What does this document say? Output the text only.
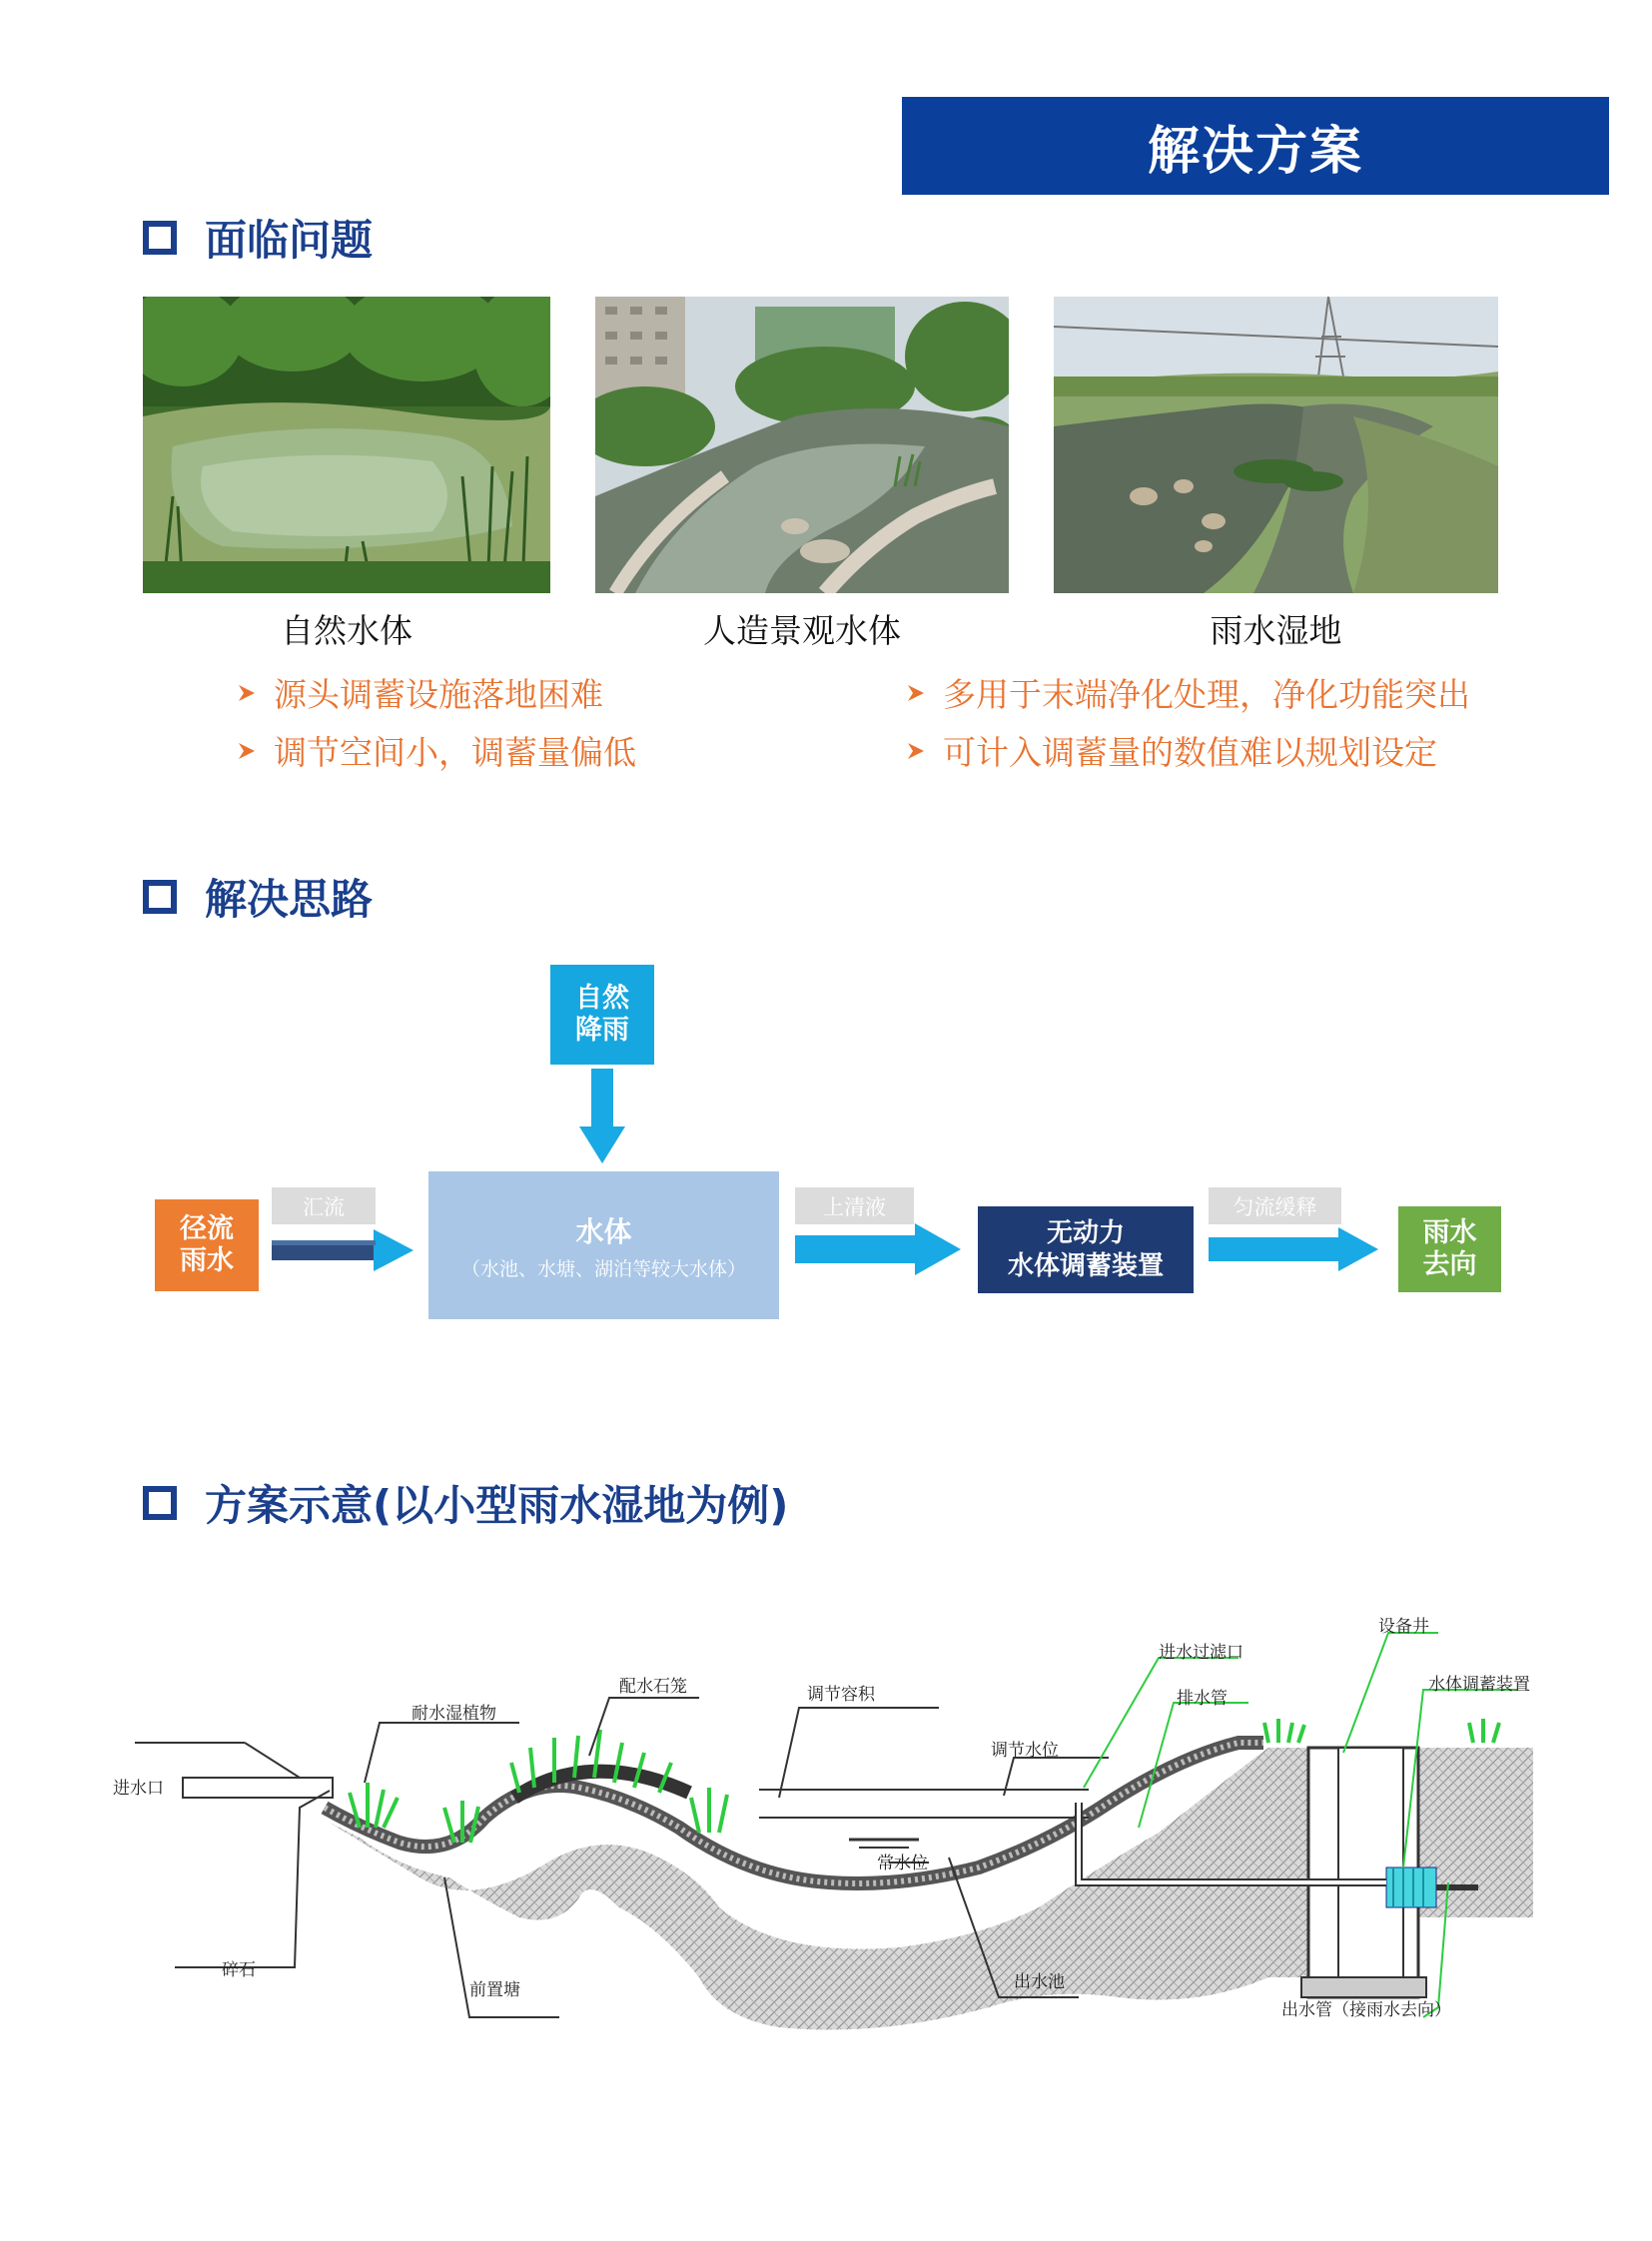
解决方案
面临问题
自然水体	人造景观水体	雨水湿地
源头调蓄设施落地困难
调节空间小，调蓄量偏低
多用于末端净化处理，净化功能突出
可计入调蓄量的数值难以规划设定
解决思路
自然
降雨
径流
雨水
汇流
水体
（水池、水塘、湖泊等较大水体）
上清液
无动力
水体调蓄装置
匀流缓释
雨水
去向
方案示意(以小型雨水湿地为例)
进水口
耐水湿植物
配水石笼	调节容积
调节水位
常水位
碎石
前置塘	出水池
进水过滤口
排水管
设备井
水体调蓄装置
出水管（接雨水去向）
